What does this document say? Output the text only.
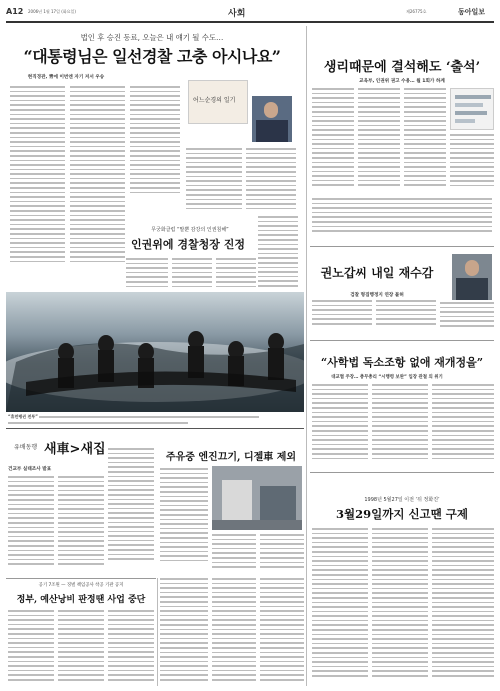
A12 2006년 1월 17일 (화요일)	사회	제26775호	동아일보
법인 후 승진 동료, 오늘은 내 얘기 될 수도…
“대통령님은 일선경찰 고충 아시나요”
현직경관, 靑에 이번엔 자기 저서 우송
어느순경의 일기
무궁화클럽 “말뿐 감강의 인권침해”
인권위에 경찰청장 진정
“휴먼펭귄 전투”
생리때문에 결석해도 ‘출석’
교육부, 인권위 권고 수용… 월 1회가 하계
권노갑씨 내일 재수감
검찰 형집행정지 연장 불허
“사학법 독소조항 없애 재개정을”
대교협 주장… 총무총리 “시행령 보완” 입장 관철 의 위기
유배동행 새車>새집
건교부 실태조사 발표
주유중 엔진끄기, 디젤車 제외
공기 7조원 — 징벌 책임공사 착공 기관 공지
정부, 예산낭비 판정땐 사업 중단
1998년 5월27일 이전 ‘뒤 정화진’
3월29일까지 신고땐 구제
